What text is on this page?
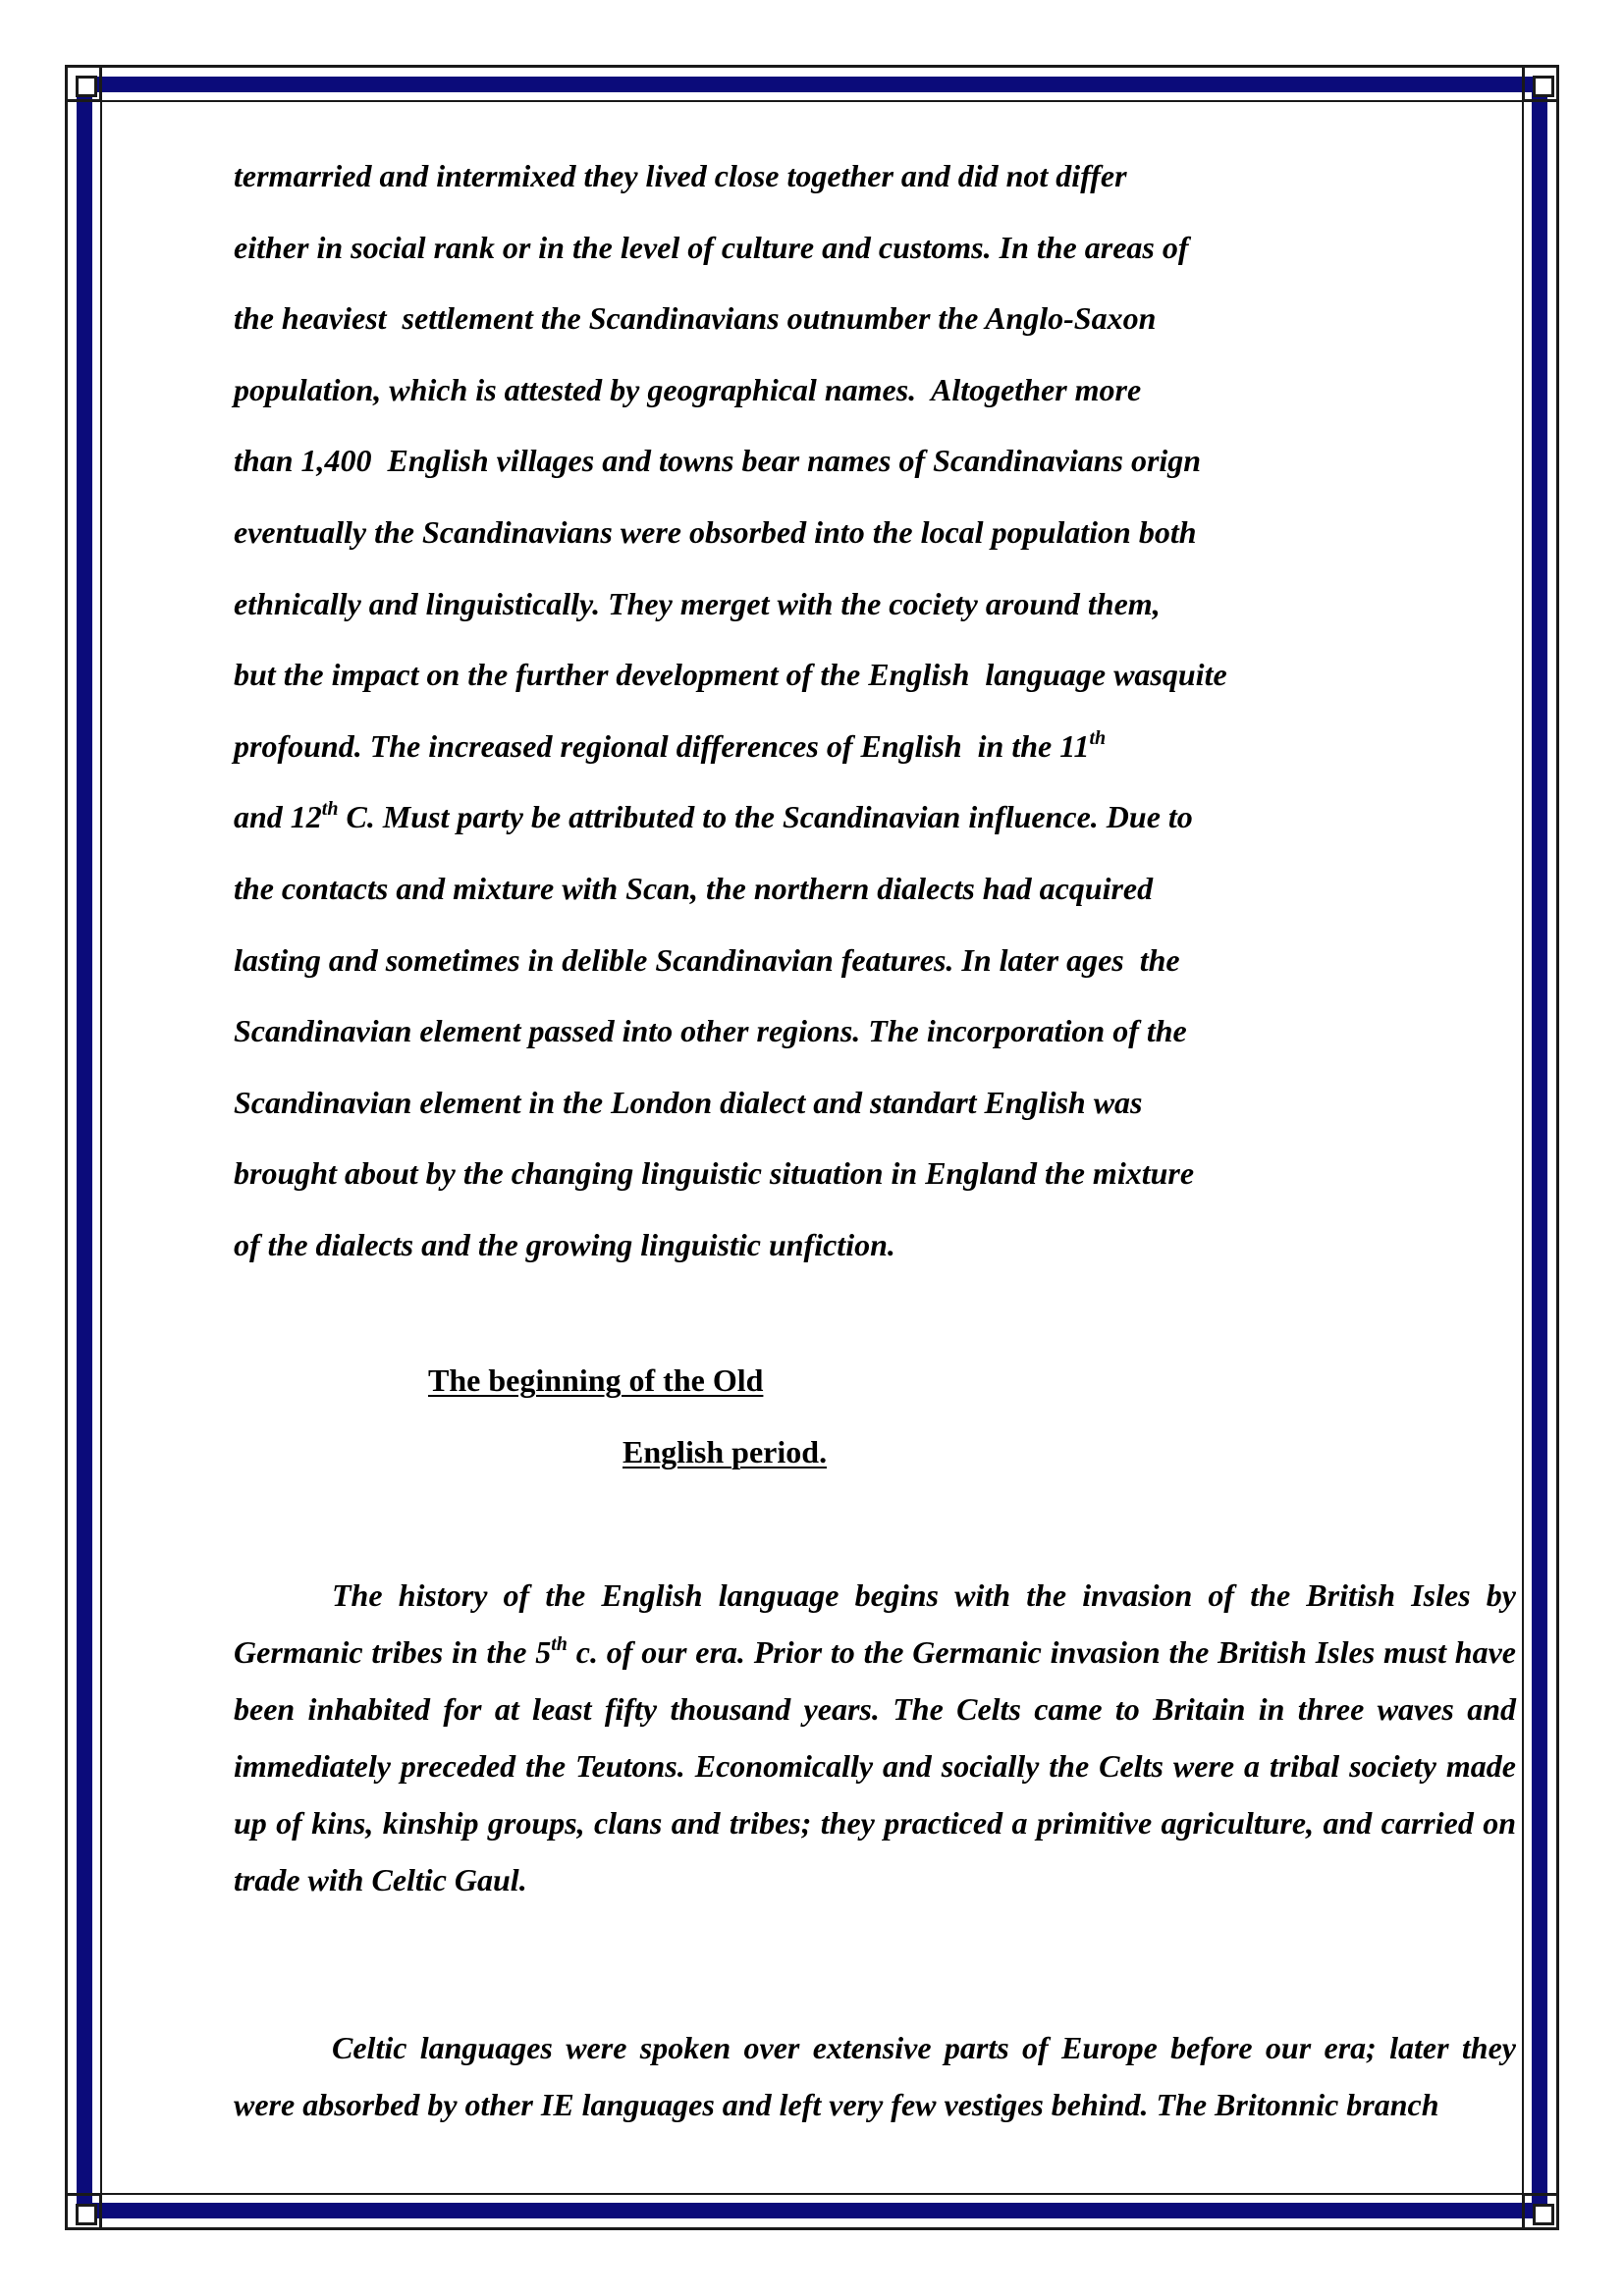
termarried and intermixed they lived close together and did not differ
either in social rank or in the level of culture and customs. In the areas of
the heaviest  settlement the Scandinavians outnumber the Anglo-Saxon
population, which is attested by geographical names.  Altogether more
than 1,400  English villages and towns bear names of Scandinavians orign
eventually the Scandinavians were obsorbed into the local population both
ethnically and linguistically. They merget with the cociety around them,
but the impact on the further development of the English  language wasquite
profound. The increased regional differences of English  in the 11th
and 12th C. Must party be attributed to the Scandinavian influence. Due to
the contacts and mixture with Scan, the northern dialects had acquired
lasting and sometimes in delible Scandinavian features. In later ages  the
Scandinavian element passed into other regions. The incorporation of the
Scandinavian element in the London dialect and standart English was
brought about by the changing linguistic situation in England the mixture
of the dialects and the growing linguistic unfiction.

The beginning of the Old

English period.

The history of the English language begins with the invasion of the British Isles by Germanic tribes in the 5th c. of our era. Prior to the Germanic invasion the British Isles must have been inhabited for at least fifty thousand years. The Celts came to Britain in three waves and immediately preceded the Teutons. Economically and socially the Celts were a tribal society made up of kins, kinship groups, clans and tribes; they practiced a primitive agriculture, and carried on trade with Celtic Gaul.

Celtic languages were spoken over extensive parts of Europe before our era; later they were absorbed by other IE languages and left very few vestiges behind. The Britonnic branch
